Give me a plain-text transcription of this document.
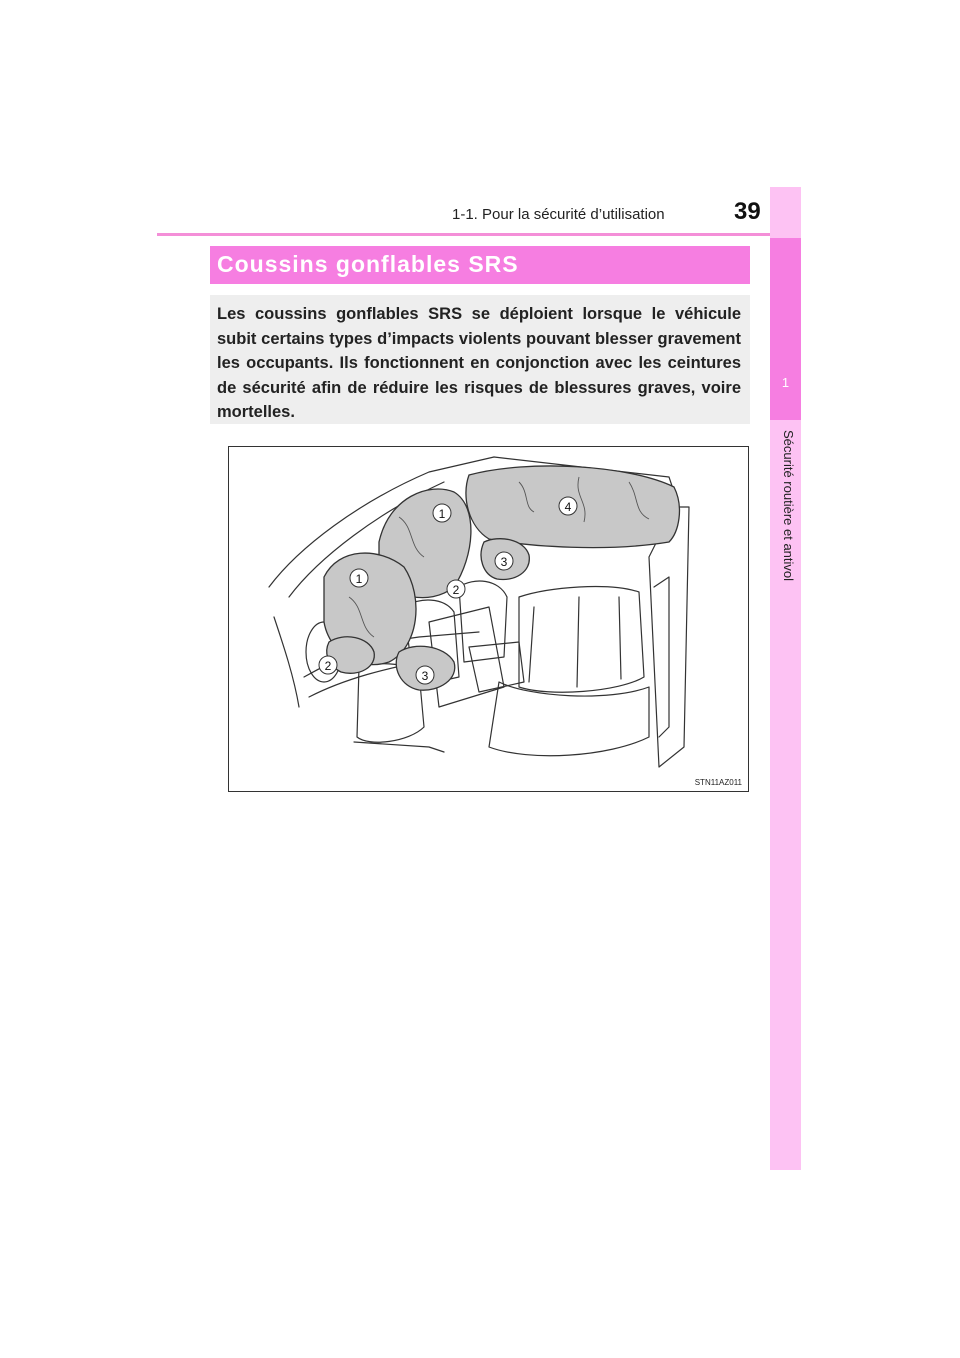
1-1. Pour la sécurité d’utilisation	39
1
Sécurité routière et antivol
Coussins gonflables SRS
Les coussins gonflables SRS se déploient lorsque le véhicule subit certains types d’impacts violents pouvant blesser gravement les occupants. Ils fonctionnent en conjonction avec les ceintures de sécurité afin de réduire les risques de blessures graves, voire mortelles.
1
1
2
2
3
3
4
STN11AZ011
